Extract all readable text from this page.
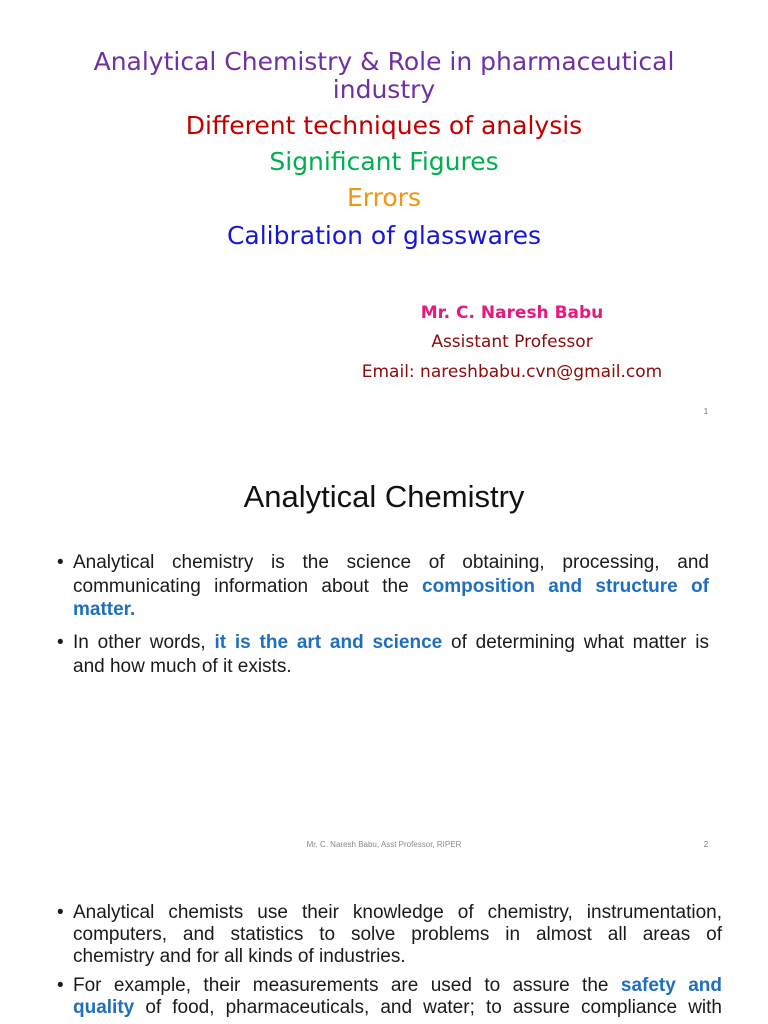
Analytical Chemistry & Role in pharmaceutical
industry
Different techniques of analysis
Significant Figures
Errors
Calibration of glasswares
Mr. C. Naresh Babu
Assistant Professor
Email: nareshbabu.cvn@gmail.com
1
Analytical Chemistry
• Analytical chemistry is the science of obtaining, processing, and
communicating information about the composition and structure of
matter.
• In other words, it is the art and science of determining what matter is
and how much of it exists.
Mr. C. Naresh Babu, Asst Professor, RIPER	2
• Analytical chemists use their knowledge of chemistry, instrumentation,
computers, and statistics to solve problems in almost all areas of
chemistry and for all kinds of industries.
• For example, their measurements are used to assure the safety and
quality of food, pharmaceuticals, and water; to assure compliance with
